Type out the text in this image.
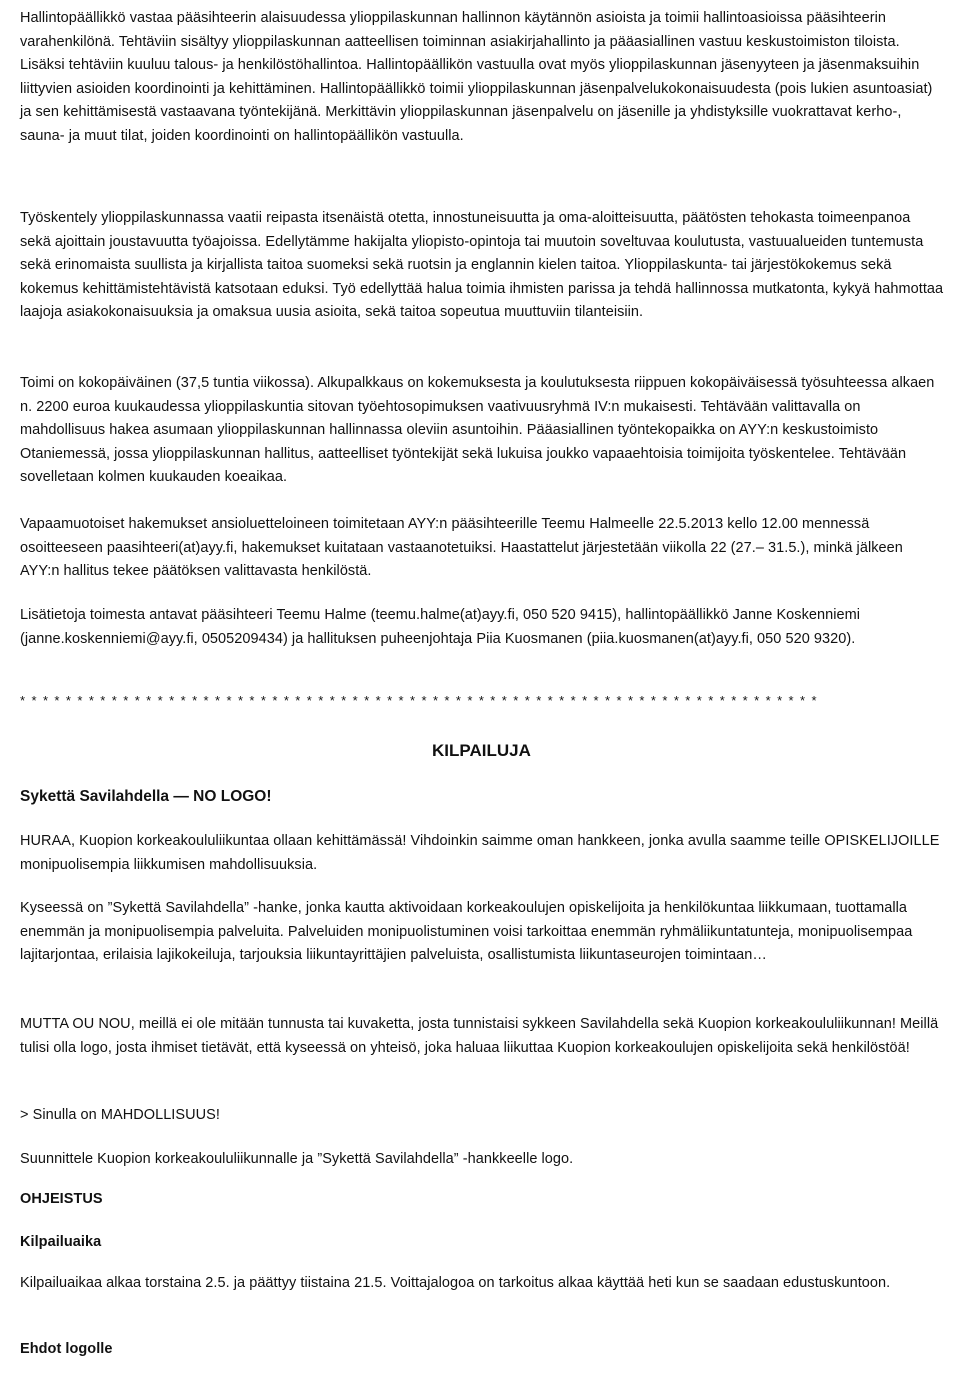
Hallintopäällikkö vastaa pääsihteerin alaisuudessa ylioppilaskunnan hallinnon käytännön asioista ja toimii hallintoasioissa pääsihteerin varahenkilönä. Tehtäviin sisältyy ylioppilaskunnan aatteellisen toiminnan asiakirjahallinto ja pääasiallinen vastuu keskustoimiston tiloista. Lisäksi tehtäviin kuuluu talous- ja henkilöstöhallintoa. Hallintopäällikön vastuulla ovat myös ylioppilaskunnan jäsenyyteen ja jäsenmaksuihin liittyvien asioiden koordinointi ja kehittäminen. Hallintopäällikkö toimii ylioppilaskunnan jäsenpalvelukokonaisuudesta (pois lukien asuntoasiat) ja sen kehittämisestä vastaavana työntekijänä. Merkittävin ylioppilaskunnan jäsenpalvelu on jäsenille ja yhdistyksille vuokrattavat kerho-, sauna- ja muut tilat, joiden koordinointi on hallintopäällikön vastuulla.

Työskentely ylioppilaskunnassa vaatii reipasta itsenäistä otetta, innostuneisuutta ja oma-aloitteisuutta, päätösten tehokasta toimeenpanoa sekä ajoittain joustavuutta työajoissa. Edellytämme hakijalta yliopisto-opintoja tai muutoin soveltuvaa koulutusta, vastuualueiden tuntemusta sekä erinomaista suullista ja kirjallista taitoa suomeksi sekä ruotsin ja englannin kielen taitoa. Ylioppilaskunta- tai järjestökokemus sekä kokemus kehittämistehtävistä katsotaan eduksi. Työ edellyttää halua toimia ihmisten parissa ja tehdä hallinnossa mutkatonta, kykyä hahmottaa laajoja asiakokonaisuuksia ja omaksua uusia asioita, sekä taitoa sopeutua muuttuviin tilanteisiin.

Toimi on kokopäiväinen (37,5 tuntia viikossa). Alkupalkkaus on kokemuksesta ja koulutuksesta riippuen kokopäiväisessä työsuhteessa alkaen n. 2200 euroa kuukaudessa ylioppilaskuntia sitovan työehtosopimuksen vaativuusryhmä IV:n mukaisesti. Tehtävään valittavalla on mahdollisuus hakea asumaan ylioppilaskunnan hallinnassa oleviin asuntoihin. Pääasiallinen työntekopaikka on AYY:n keskustoimisto Otaniemessä, jossa ylioppilaskunnan hallitus, aatteelliset työntekijät sekä lukuisa joukko vapaaehtoisia toimijoita työskentelee. Tehtävään sovelletaan kolmen kuukauden koeaikaa.

Vapaamuotoiset hakemukset ansioluetteloineen toimitetaan AYY:n pääsihteerille Teemu Halmeelle 22.5.2013 kello 12.00 mennessä osoitteeseen paasihteeri(at)ayy.fi, hakemukset kuitataan vastaanotetuiksi. Haastattelut järjestetään viikolla 22 (27.– 31.5.), minkä jälkeen AYY:n hallitus tekee päätöksen valittavasta henkilöstä.

Lisätietoja toimesta antavat pääsihteeri Teemu Halme (teemu.halme(at)ayy.fi, 050 520 9415), hallintopäällikkö Janne Koskenniemi (janne.koskenniemi@ayy.fi, 0505209434) ja hallituksen puheenjohtaja Piia Kuosmanen (piia.kuosmanen(at)ayy.fi, 050 520 9320).

* * * * * * * * * * * * * * * * * * * * * * * * * * * * * * * * * * * * * * * * * * * * * * * * * * * * * * * * * * * * * * * * * * * * * *
KILPAILUJA
Sykettä Savilahdella — NO LOGO!

HURAA, Kuopion korkeakoululiikuntaa ollaan kehittämässä! Vihdoinkin saimme oman hankkeen, jonka avulla saamme teille OPISKELIJOILLE monipuolisempia liikkumisen mahdollisuuksia.

Kyseessä on ”Sykettä Savilahdella” -hanke, jonka kautta aktivoidaan korkeakoulujen opiskelijoita ja henkilökuntaa liikkumaan, tuottamalla enemmän ja monipuolisempia palveluita. Palveluiden monipuolistuminen voisi tarkoittaa enemmän ryhmäliikuntatunteja, monipuolisempaa lajitarjontaa, erilaisia lajikokeiluja, tarjouksia liikuntayrittäjien palveluista, osallistumista liikuntaseurojen toimintaan…

MUTTA OU NOU, meillä ei ole mitään tunnusta tai kuvaketta, josta tunnistaisi sykkeen Savilahdella sekä Kuopion korkeakoululiikunnan! Meillä tulisi olla logo, josta ihmiset tietävät, että kyseessä on yhteisö, joka haluaa liikuttaa Kuopion korkeakoulujen opiskelijoita sekä henkilöstöä!

> Sinulla on MAHDOLLISUUS!

Suunnittele Kuopion korkeakoululiikunnalle ja ”Sykettä Savilahdella” -hankkeelle logo.

OHJEISTUS
Kilpailuaika

Kilpailuaikaa alkaa torstaina 2.5. ja päättyy tiistaina 21.5. Voittajalogoa on tarkoitus alkaa käyttää heti kun se saadaan edustuskuntoon.

Ehdot logolle
